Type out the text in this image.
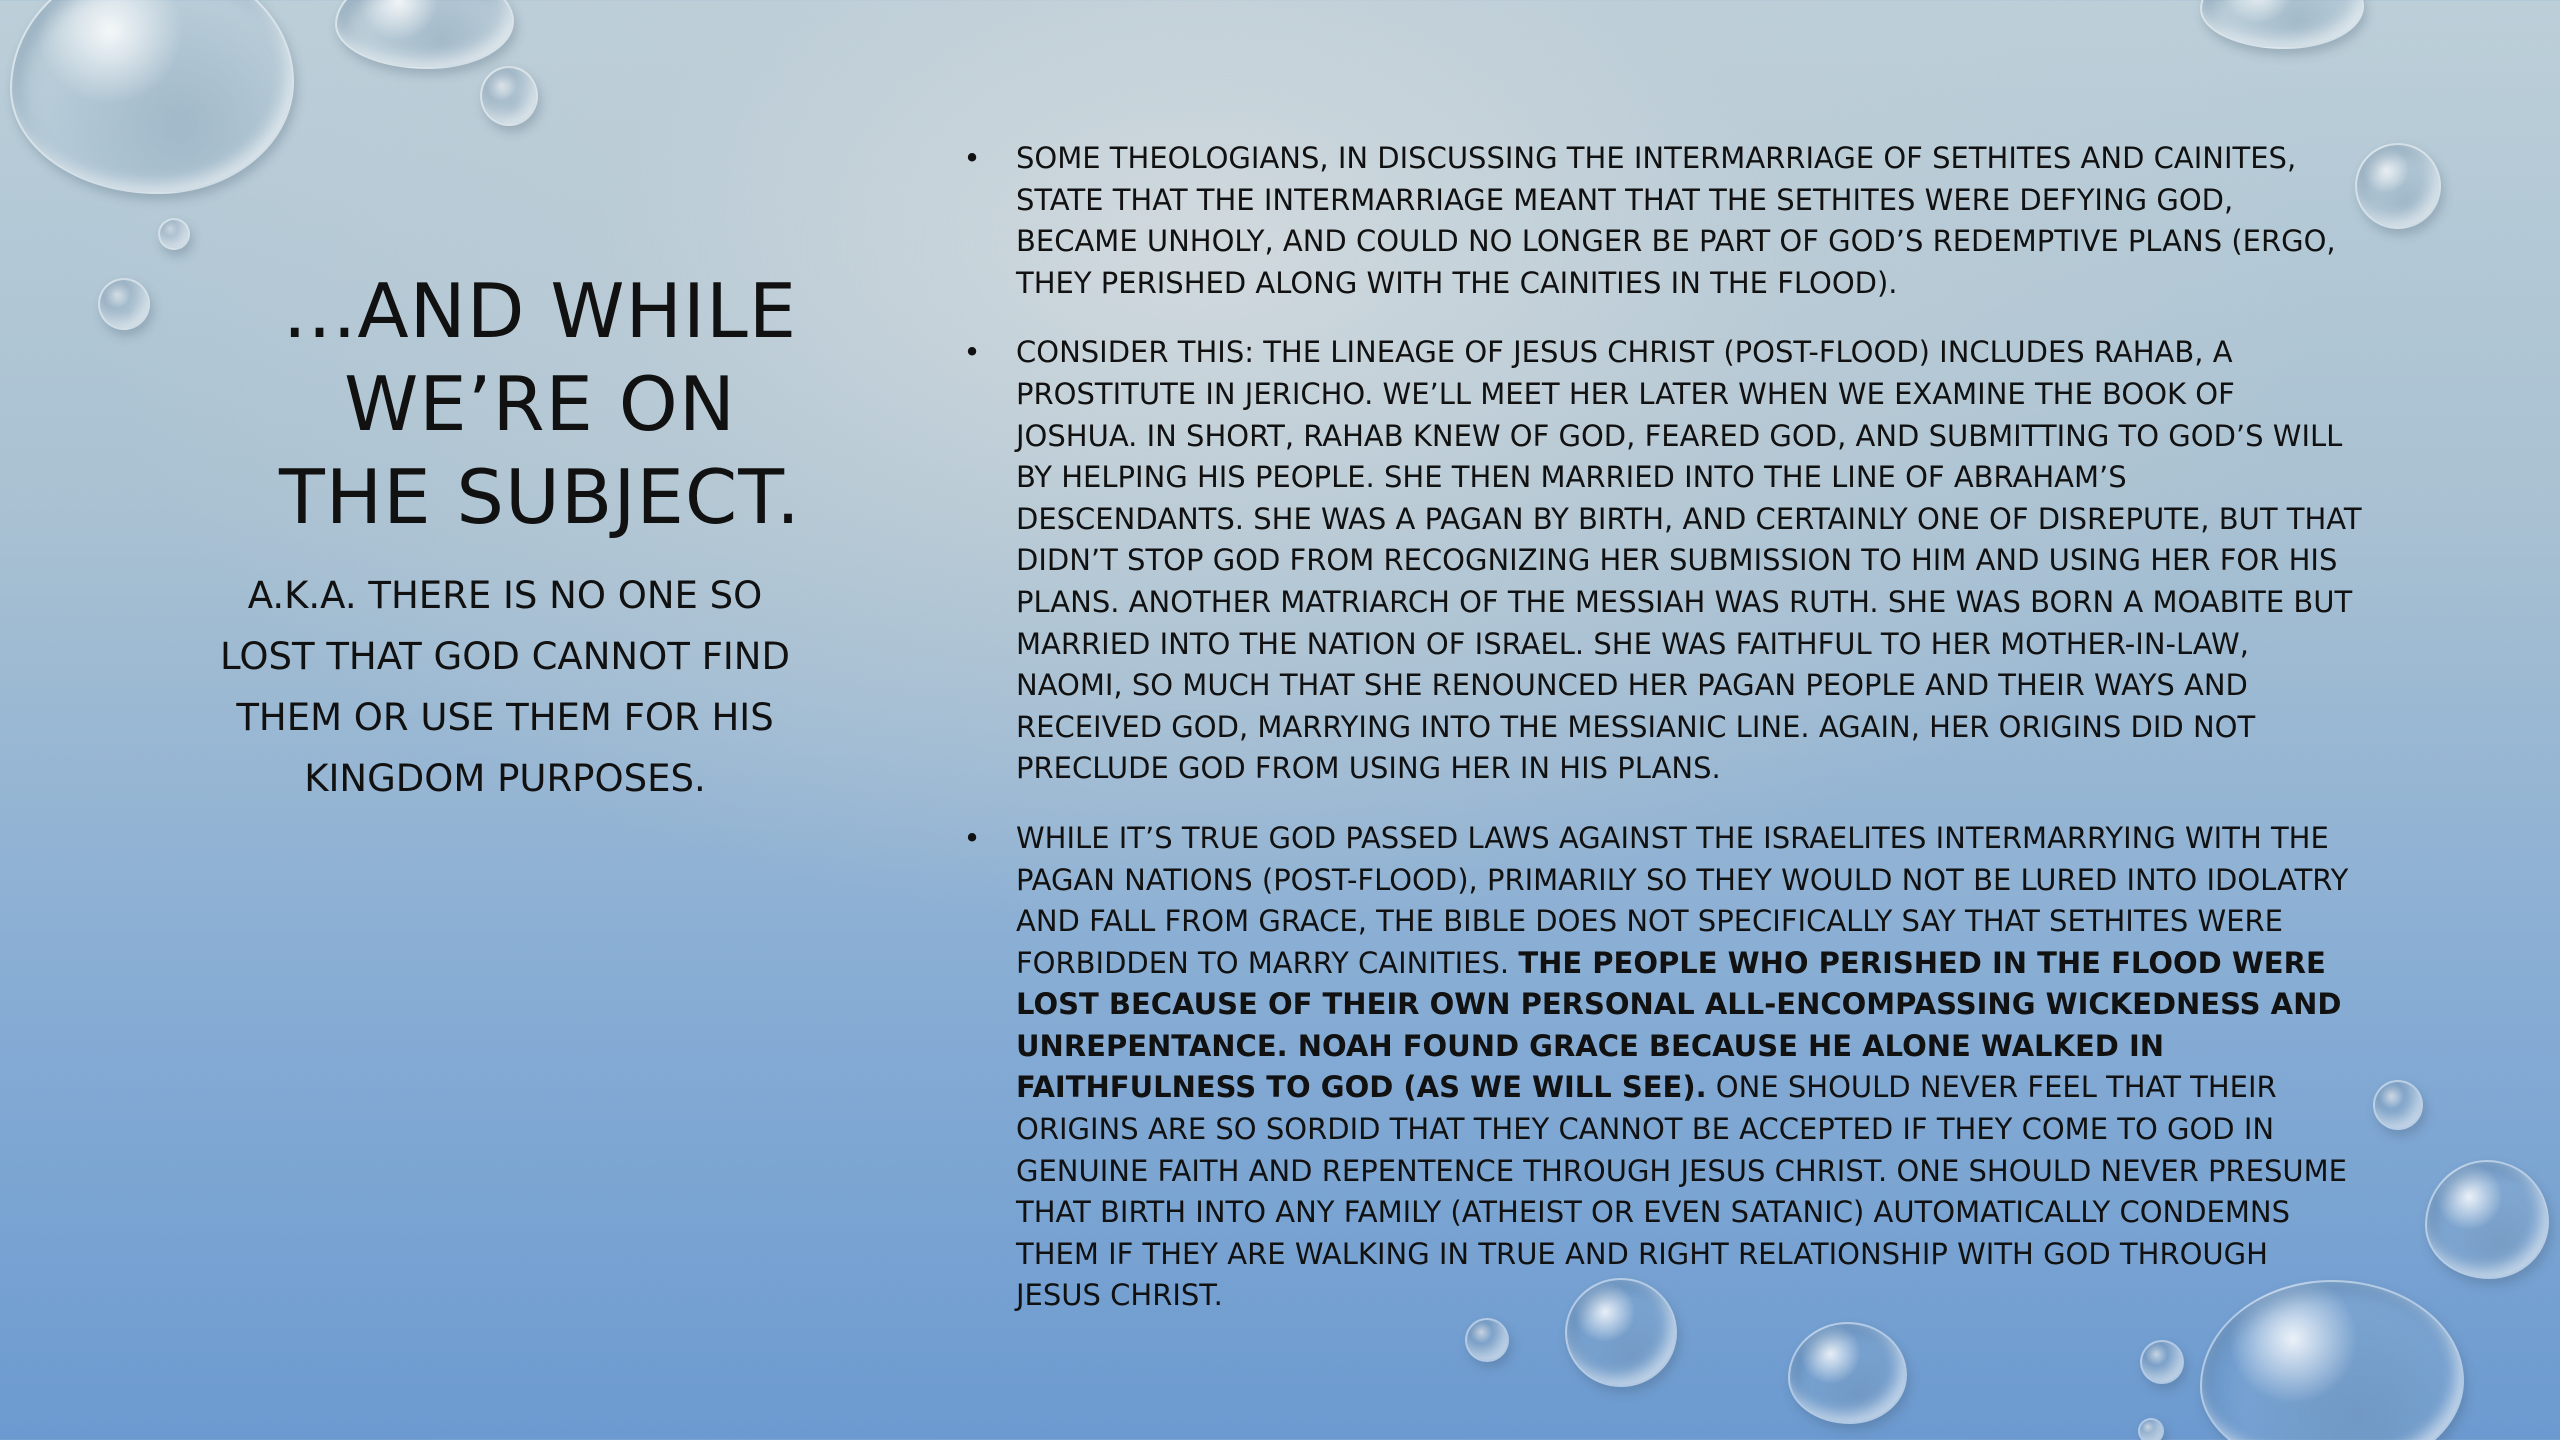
...AND WHILE WE’RE ON THE SUBJECT.

A.K.A. THERE IS NO ONE SO LOST THAT GOD CANNOT FIND THEM OR USE THEM FOR HIS KINGDOM PURPOSES.

• SOME THEOLOGIANS, IN DISCUSSING THE INTERMARRIAGE OF SETHITES AND CAINITES, STATE THAT THE INTERMARRIAGE MEANT THAT THE SETHITES WERE DEFYING GOD, BECAME UNHOLY, AND COULD NO LONGER BE PART OF GOD’S REDEMPTIVE PLANS (ERGO, THEY PERISHED ALONG WITH THE CAINITIES IN THE FLOOD).
• CONSIDER THIS: THE LINEAGE OF JESUS CHRIST (POST-FLOOD) INCLUDES RAHAB, A PROSTITUTE IN JERICHO. WE’LL MEET HER LATER WHEN WE EXAMINE THE BOOK OF JOSHUA. IN SHORT, RAHAB KNEW OF GOD, FEARED GOD, AND SUBMITTING TO GOD’S WILL BY HELPING HIS PEOPLE. SHE THEN MARRIED INTO THE LINE OF ABRAHAM’S DESCENDANTS. SHE WAS A PAGAN BY BIRTH, AND CERTAINLY ONE OF DISREPUTE, BUT THAT DIDN’T STOP GOD FROM RECOGNIZING HER SUBMISSION TO HIM AND USING HER FOR HIS PLANS. ANOTHER MATRIARCH OF THE MESSIAH WAS RUTH. SHE WAS BORN A MOABITE BUT MARRIED INTO THE NATION OF ISRAEL. SHE WAS FAITHFUL TO HER MOTHER-IN-LAW, NAOMI, SO MUCH THAT SHE RENOUNCED HER PAGAN PEOPLE AND THEIR WAYS AND RECEIVED GOD, MARRYING INTO THE MESSIANIC LINE. AGAIN, HER ORIGINS DID NOT PRECLUDE GOD FROM USING HER IN HIS PLANS.
• WHILE IT’S TRUE GOD PASSED LAWS AGAINST THE ISRAELITES INTERMARRYING WITH THE PAGAN NATIONS (POST-FLOOD), PRIMARILY SO THEY WOULD NOT BE LURED INTO IDOLATRY AND FALL FROM GRACE, THE BIBLE DOES NOT SPECIFICALLY SAY THAT SETHITES WERE FORBIDDEN TO MARRY CAINITIES. THE PEOPLE WHO PERISHED IN THE FLOOD WERE LOST BECAUSE OF THEIR OWN PERSONAL ALL-ENCOMPASSING WICKEDNESS AND UNREPENTANCE. NOAH FOUND GRACE BECAUSE HE ALONE WALKED IN FAITHFULNESS TO GOD (AS WE WILL SEE). ONE SHOULD NEVER FEEL THAT THEIR ORIGINS ARE SO SORDID THAT THEY CANNOT BE ACCEPTED IF THEY COME TO GOD IN GENUINE FAITH AND REPENTENCE THROUGH JESUS CHRIST. ONE SHOULD NEVER PRESUME THAT BIRTH INTO ANY FAMILY (ATHEIST OR EVEN SATANIC) AUTOMATICALLY CONDEMNS THEM IF THEY ARE WALKING IN TRUE AND RIGHT RELATIONSHIP WITH GOD THROUGH JESUS CHRIST.
